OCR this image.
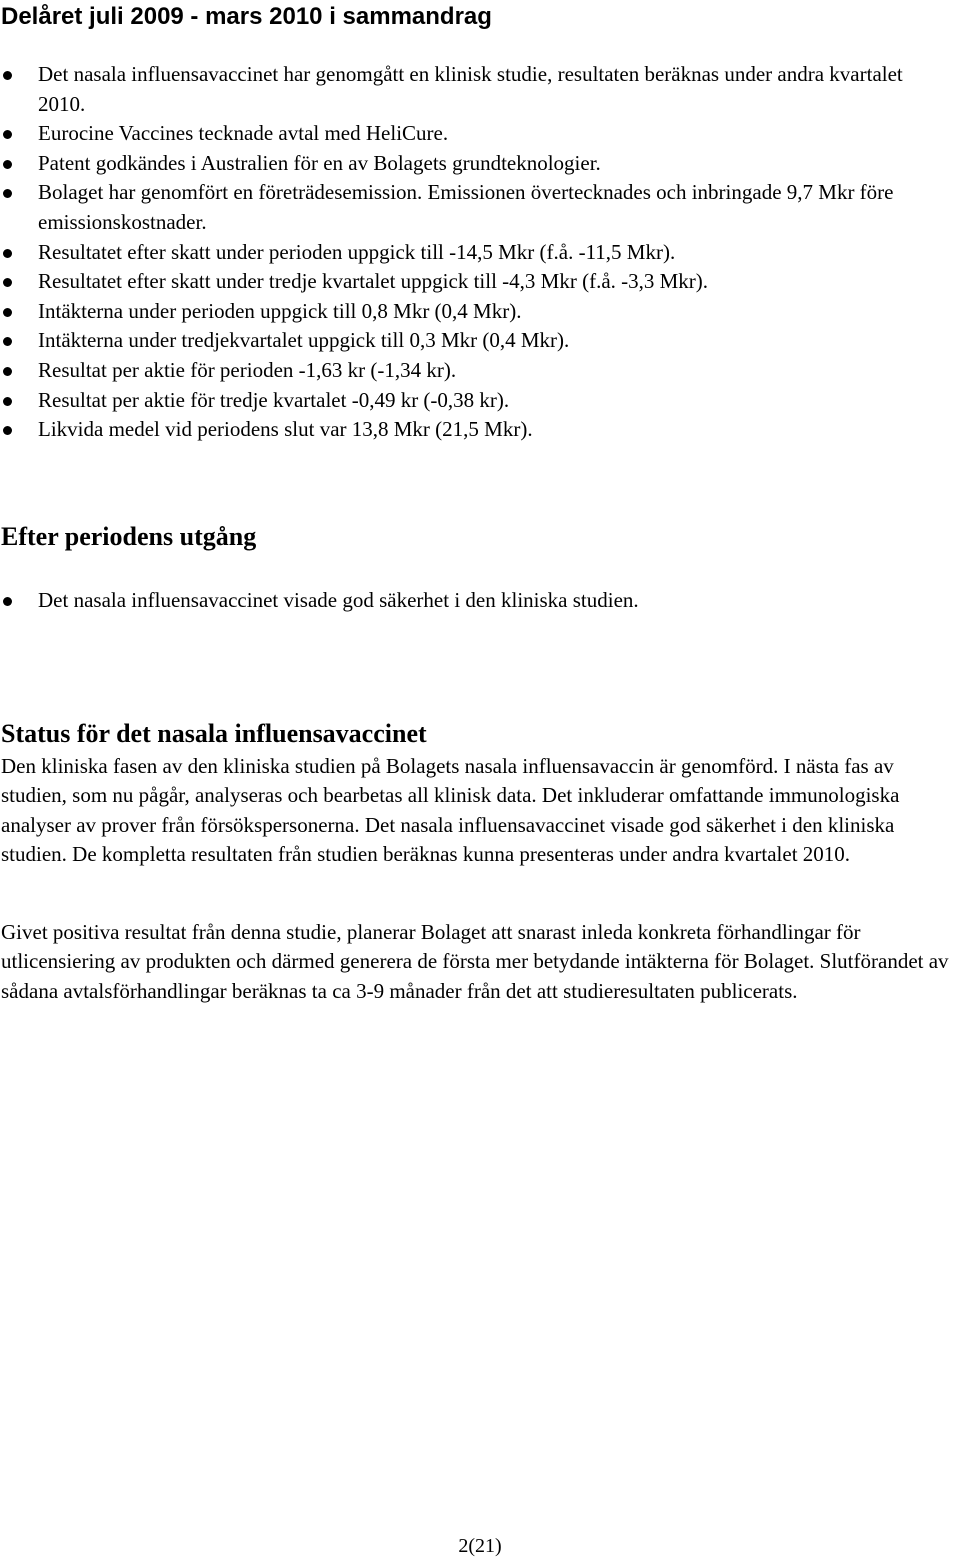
Delåret juli 2009 - mars 2010 i sammandrag
Det nasala influensavaccinet har genomgått en klinisk studie, resultaten beräknas under andra kvartalet 2010.
Eurocine Vaccines tecknade avtal med HeliCure.
Patent godkändes i Australien för en av Bolagets grundteknologier.
Bolaget har genomfört en företrädesemission. Emissionen övertecknades och inbringade 9,7 Mkr före emissionskostnader.
Resultatet efter skatt under perioden uppgick till -14,5 Mkr (f.å. -11,5 Mkr).
Resultatet efter skatt under tredje kvartalet uppgick till -4,3 Mkr (f.å. -3,3 Mkr).
Intäkterna under perioden uppgick till 0,8 Mkr (0,4 Mkr).
Intäkterna under tredjekvartalet uppgick till 0,3 Mkr (0,4 Mkr).
Resultat per aktie för perioden -1,63 kr (-1,34 kr).
Resultat per aktie för tredje kvartalet -0,49 kr (-0,38 kr).
Likvida medel vid periodens slut var 13,8 Mkr (21,5 Mkr).
Efter periodens utgång
Det nasala influensavaccinet visade god säkerhet i den kliniska studien.
Status för det nasala influensavaccinet

Den kliniska fasen av den kliniska studien på Bolagets nasala influensavaccin är genomförd. I nästa fas av studien, som nu pågår, analyseras och bearbetas all klinisk data. Det inkluderar omfattande immunologiska analyser av prover från försökspersonerna. Det nasala influensavaccinet visade god säkerhet i den kliniska studien. De kompletta resultaten från studien beräknas kunna presenteras under andra kvartalet 2010.

Givet positiva resultat från denna studie, planerar Bolaget att snarast inleda konkreta förhandlingar för utlicensiering av produkten och därmed generera de första mer betydande intäkterna för Bolaget. Slutförandet av sådana avtalsförhandlingar beräknas ta ca 3-9 månader från det att studieresultaten publicerats.

2(21)
